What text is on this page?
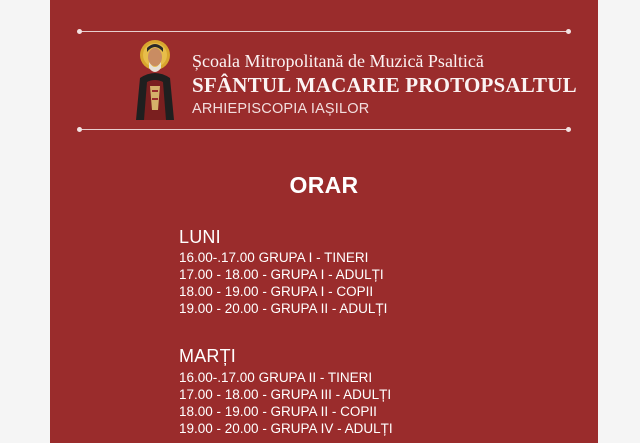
Școala Mitropolitană de Muzică Psaltică
SFÂNTUL MACARIE PROTOPSALTUL
ARHIEPISCOPIA IAȘILOR
ORAR
LUNI
16.00-.17.00 GRUPA I - TINERI
17.00 - 18.00 - GRUPA I - ADULȚI
18.00 - 19.00 - GRUPA I - COPII
19.00 - 20.00 - GRUPA II - ADULȚI
MARȚI
16.00-.17.00 GRUPA II - TINERI
17.00 - 18.00 - GRUPA III - ADULȚI
18.00 - 19.00 - GRUPA II - COPII
19.00 - 20.00 - GRUPA IV - ADULȚI
